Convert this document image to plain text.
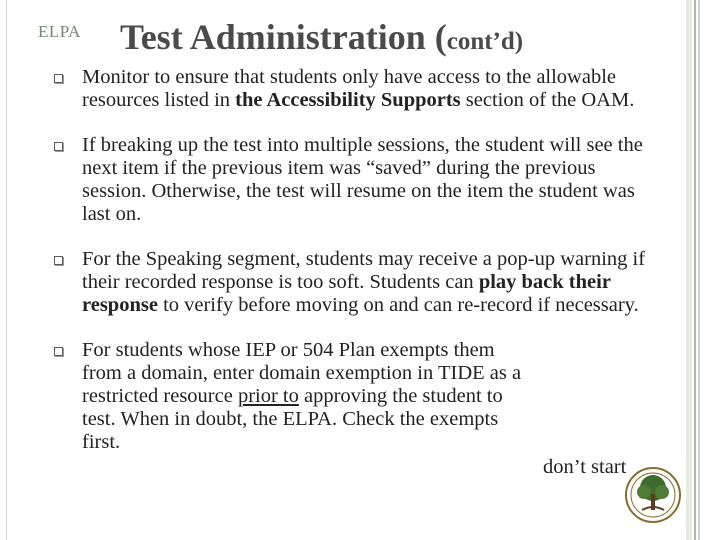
ELPA Test Administration (cont’d)
Monitor to ensure that students only have access to the allowable resources listed in the Accessibility Supports section of the OAM.
If breaking up the test into multiple sessions, the student will see the next item if the previous item was “saved” during the previous session. Otherwise, the test will resume on the item the student was last on.
For the Speaking segment, students may receive a pop-up warning if their recorded response is too soft. Students can play back their response to verify before moving on and can re-record if necessary.
For students whose IEP or 504 Plan exempts them from a domain, enter domain exemption in TIDE as a restricted resource prior to approving the student to test. When in doubt, the ELPA. Check the exempts first.
don’t start
